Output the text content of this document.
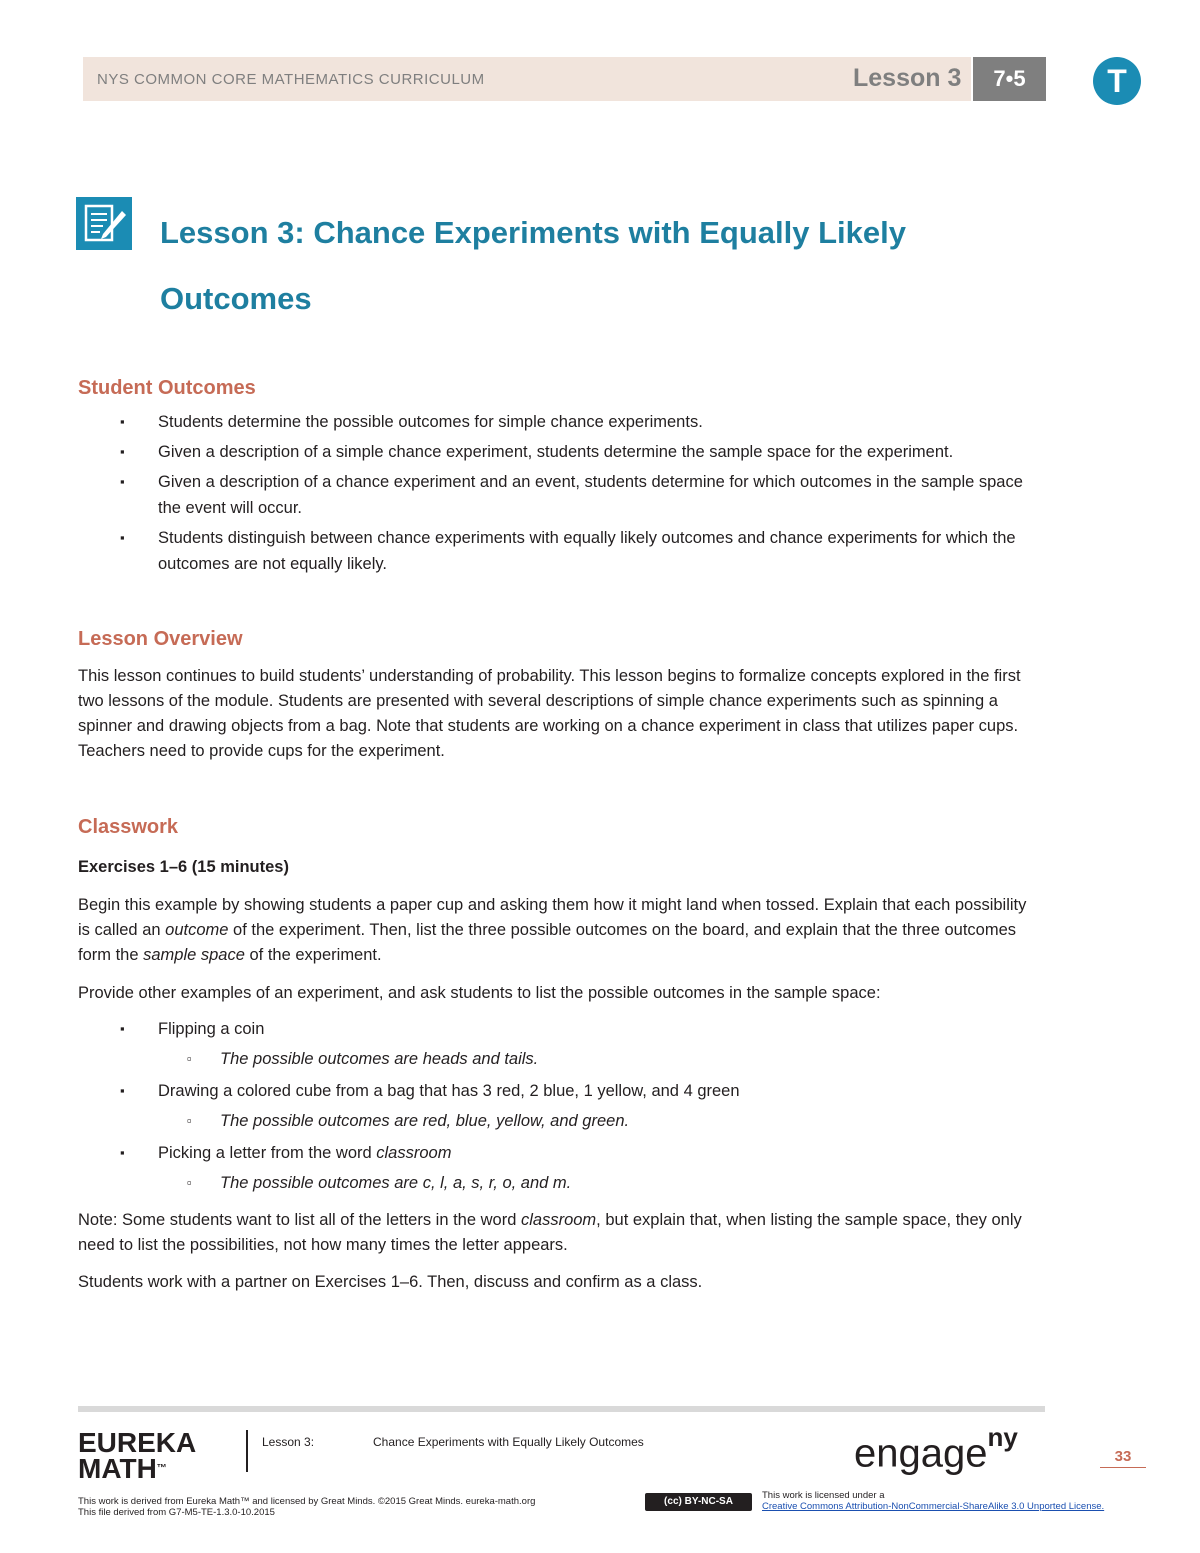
NYS COMMON CORE MATHEMATICS CURRICULUM	Lesson 3	7•5	T
Lesson 3: Chance Experiments with Equally Likely Outcomes
Student Outcomes
▪ Students determine the possible outcomes for simple chance experiments.
▪ Given a description of a simple chance experiment, students determine the sample space for the experiment.
▪ Given a description of a chance experiment and an event, students determine for which outcomes in the sample space the event will occur.
▪ Students distinguish between chance experiments with equally likely outcomes and chance experiments for which the outcomes are not equally likely.
Lesson Overview
This lesson continues to build students’ understanding of probability. This lesson begins to formalize concepts explored in the first two lessons of the module. Students are presented with several descriptions of simple chance experiments such as spinning a spinner and drawing objects from a bag. Note that students are working on a chance experiment in class that utilizes paper cups. Teachers need to provide cups for the experiment.
Classwork
Exercises 1–6 (15 minutes)
Begin this example by showing students a paper cup and asking them how it might land when tossed. Explain that each possibility is called an outcome of the experiment. Then, list the three possible outcomes on the board, and explain that the three outcomes form the sample space of the experiment.
Provide other examples of an experiment, and ask students to list the possible outcomes in the sample space:
▪ Flipping a coin
▫ The possible outcomes are heads and tails.
▪ Drawing a colored cube from a bag that has 3 red, 2 blue, 1 yellow, and 4 green
▫ The possible outcomes are red, blue, yellow, and green.
▪ Picking a letter from the word classroom
▫ The possible outcomes are c, l, a, s, r, o, and m.
Note: Some students want to list all of the letters in the word classroom, but explain that, when listing the sample space, they only need to list the possibilities, not how many times the letter appears.
Students work with a partner on Exercises 1–6. Then, discuss and confirm as a class.
EUREKA
MATH™
Lesson 3:	Chance Experiments with Equally Likely Outcomes	engage$^{ny}$
33
This work is derived from Eureka Math™ and licensed by Great Minds. ©2015 Great Minds. eureka-math.org
This file derived from G7-M5-TE-1.3.0-10.2015
(cc) BY-NC-SA
This work is licensed under a
Creative Commons Attribution-NonCommercial-ShareAlike 3.0 Unported License.
